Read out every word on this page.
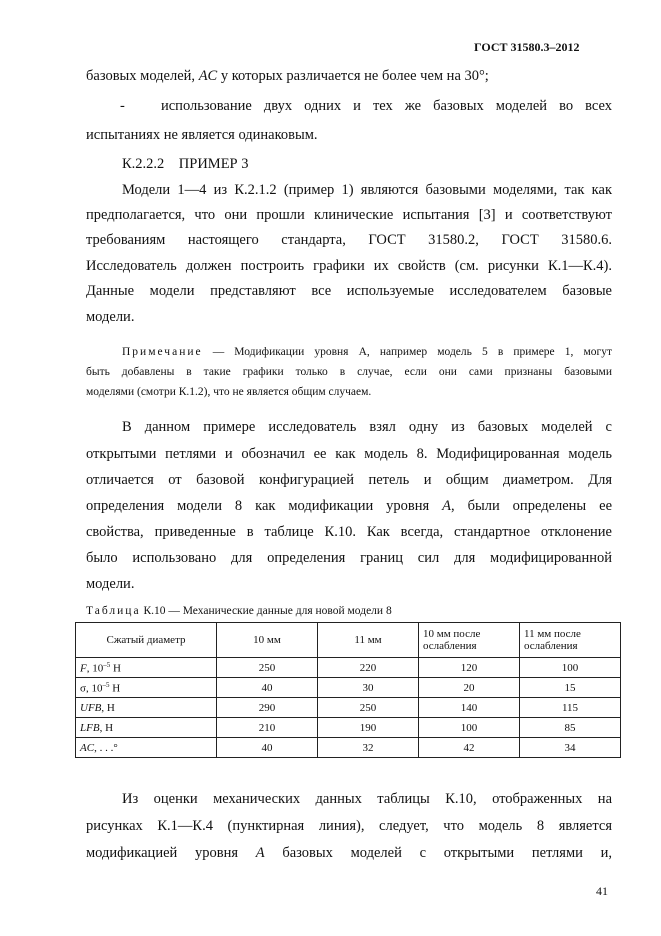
ГОСТ 31580.3–2012
базовых моделей, AC у которых различается не более чем на 30°;
-   использование двух одних и тех же базовых моделей во всех
испытаниях не является одинаковым.
К.2.2.2 ПРИМЕР 3
Модели 1—4 из К.2.1.2 (пример 1) являются базовыми моделями, так как
предполагается, что они прошли клинические испытания [3] и соответствуют
требованиям настоящего стандарта, ГОСТ 31580.2, ГОСТ 31580.6.
Исследователь должен построить графики их свойств (см. рисунки К.1—К.4).
Данные модели представляют все используемые исследователем базовые
модели.
Примечание — Модификации уровня А, например модель 5 в примере 1, могут
быть добавлены в такие графики только в случае, если они сами признаны базовыми
моделями (смотри К.1.2), что не является общим случаем.
В данном примере исследователь взял одну из базовых моделей с
открытыми петлями и обозначил ее как модель 8. Модифицированная модель
отличается от базовой конфигурацией петель и общим диаметром. Для
определения модели 8 как модификации уровня А, были определены ее
свойства, приведенные в таблице К.10. Как всегда, стандартное отклонение
было использовано для определения границ сил для модифицированной
модели.
Таблица К.10 — Механические данные для новой модели 8
Сжатый диаметр	10 мм	11 мм	10 мм после ослабления	11 мм после ослабления
F, $10^{-5}$ Н	250	220	120	100
σ, $10^{-5}$ Н	40	30	20	15
UFB, Н	290	250	140	115
LFB, Н	210	190	100	85
AC, . . .°	40	32	42	34
Из оценки механических данных таблицы К.10, отображенных на
рисунках К.1—К.4 (пунктирная линия), следует, что модель 8 является
модификацией уровня А базовых моделей с открытыми петлями и,
41
